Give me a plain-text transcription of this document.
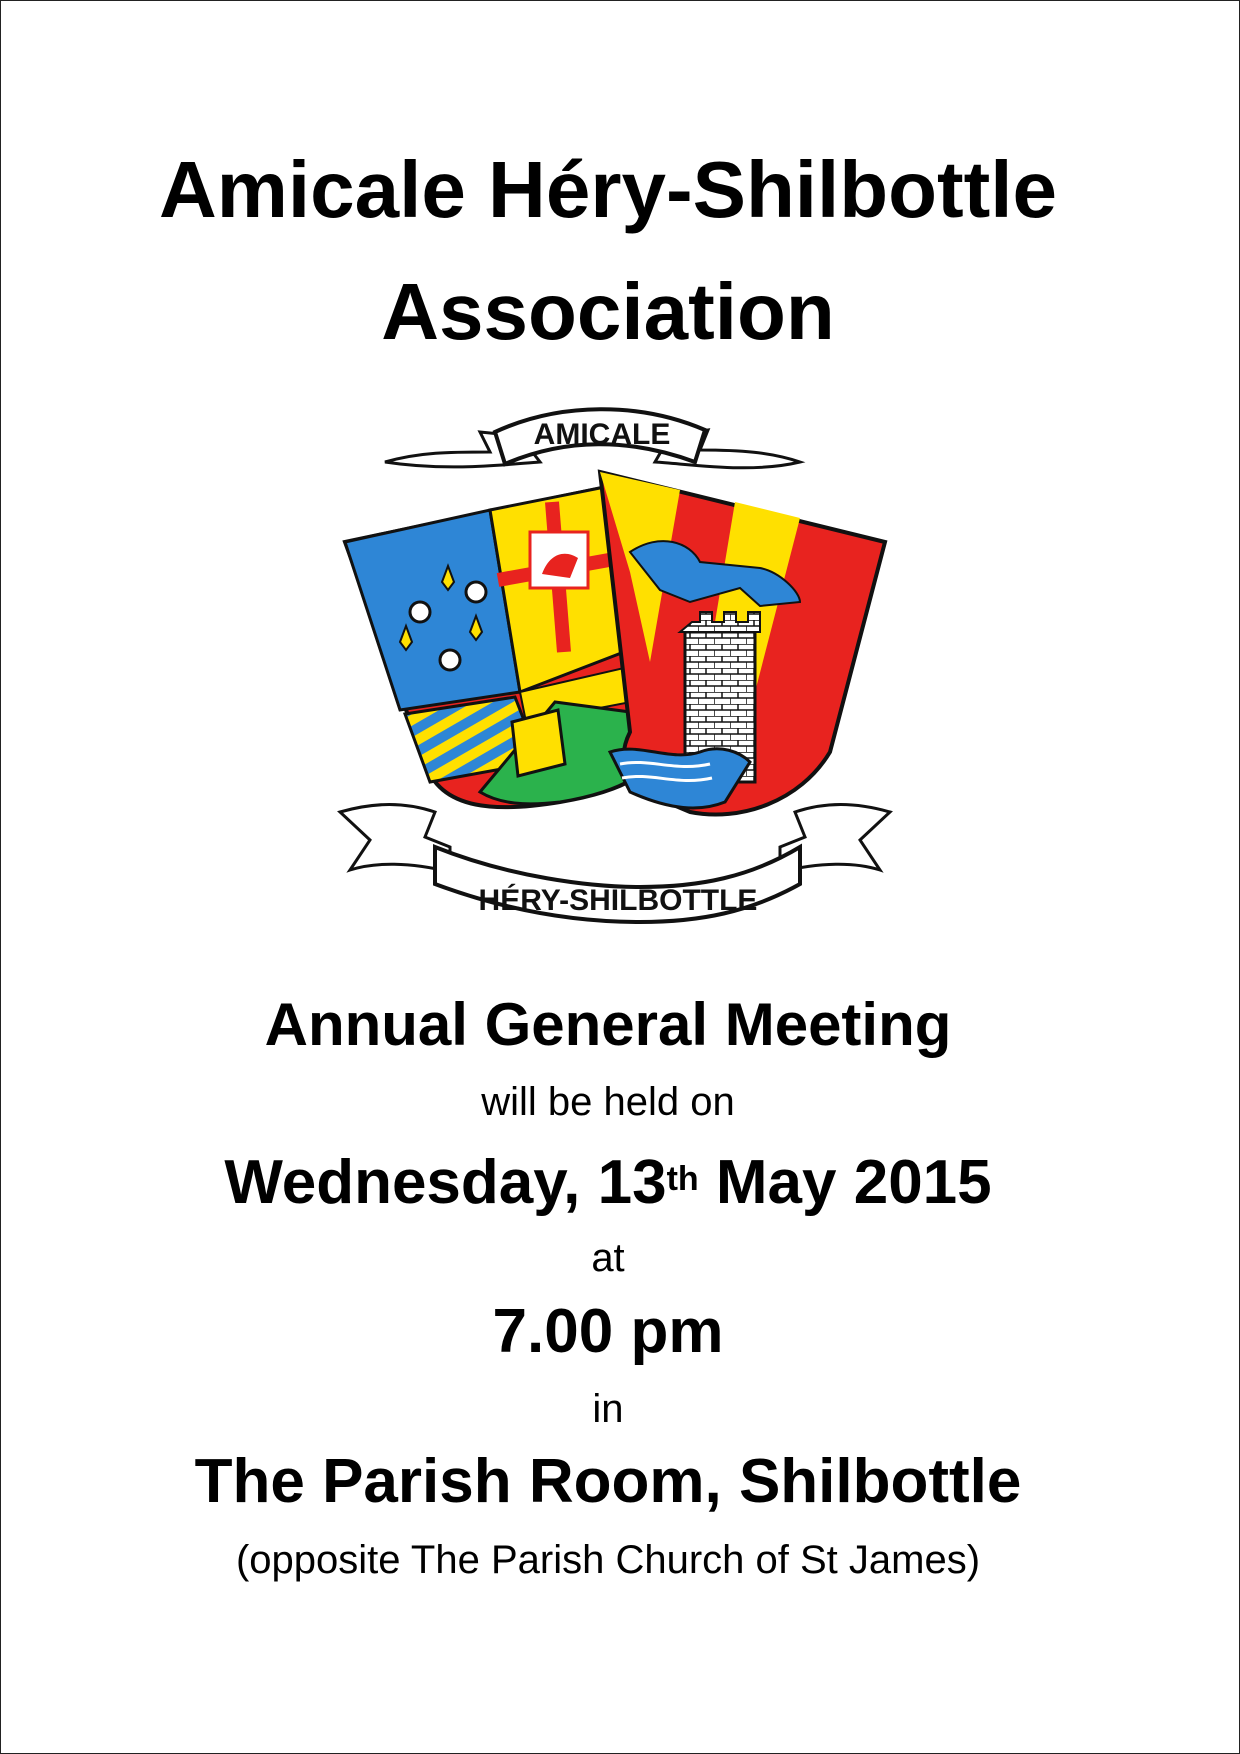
Amicale Héry-Shilbottle
Association
AMICALE
HÉRY-SHILBOTTLE
Annual General Meeting
will be held on
Wednesday, 13th May 2015
at
7.00 pm
in
The Parish Room, Shilbottle
(opposite The Parish Church of St James)
